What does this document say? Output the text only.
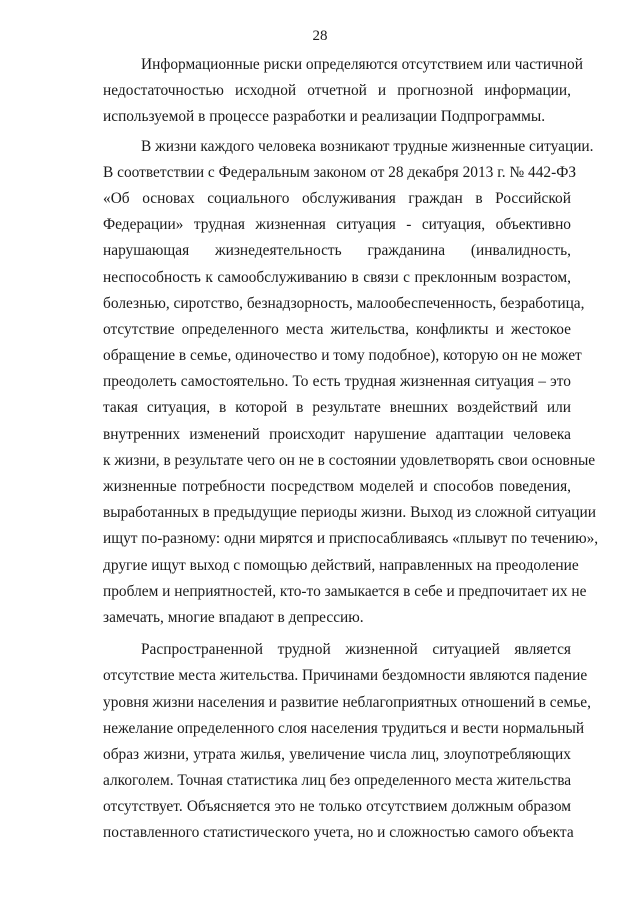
28
Информационные риски определяются отсутствием или частичной
недостаточностью исходной отчетной и прогнозной информации,
используемой в процессе разработки и реализации Подпрограммы.
В жизни каждого человека возникают трудные жизненные ситуации.
В соответствии с Федеральным законом от 28 декабря 2013 г. № 442-ФЗ
«Об основах социального обслуживания граждан в Российской
Федерации» трудная жизненная ситуация - ситуация, объективно
нарушающая жизнедеятельность гражданина (инвалидность,
неспособность к самообслуживанию в связи с преклонным возрастом,
болезнью, сиротство, безнадзорность, малообеспеченность, безработица,
отсутствие определенного места жительства, конфликты и жестокое
обращение в семье, одиночество и тому подобное), которую он не может
преодолеть самостоятельно. То есть трудная жизненная ситуация – это
такая ситуация, в которой в результате внешних воздействий или
внутренних изменений происходит нарушение адаптации человека
к жизни, в результате чего он не в состоянии удовлетворять свои основные
жизненные потребности посредством моделей и способов поведения,
выработанных в предыдущие периоды жизни. Выход из сложной ситуации
ищут по-разному: одни мирятся и приспосабливаясь «плывут по течению»,
другие ищут выход с помощью действий, направленных на преодоление
проблем и неприятностей, кто-то замыкается в себе и предпочитает их не
замечать, многие впадают в депрессию.
Распространенной трудной жизненной ситуацией является
отсутствие места жительства. Причинами бездомности являются падение
уровня жизни населения и развитие неблагоприятных отношений в семье,
нежелание определенного слоя населения трудиться и вести нормальный
образ жизни, утрата жилья, увеличение числа лиц, злоупотребляющих
алкоголем. Точная статистика лиц без определенного места жительства
отсутствует. Объясняется это не только отсутствием должным образом
поставленного статистического учета, но и сложностью самого объекта
